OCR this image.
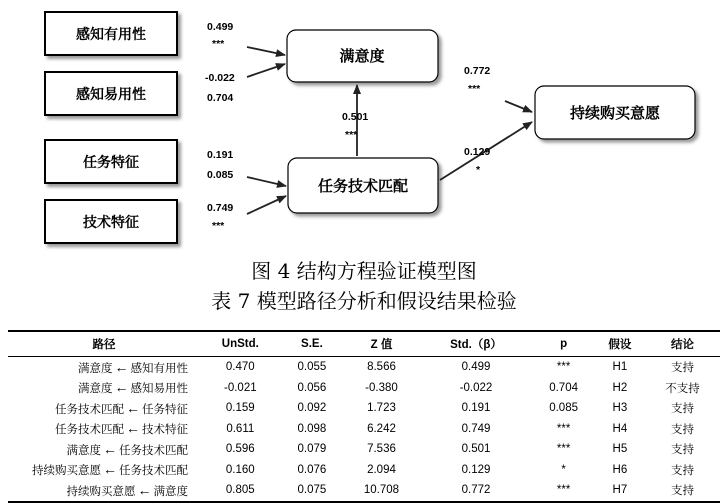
感知有用性
感知易用性
任务特征
技术特征
满意度
任务技术匹配
持续购买意愿
0.499
***
-0.022
0.704
0.191
0.085
0.749
***
0.501
***
0.772
***
0.129
*
图 4 结构方程验证模型图
表 7 模型路径分析和假设结果检验
路径	UnStd.	S.E.	Z 值	Std.（β）	p	假设	结论
满意度 ← 感知有用性	0.470	0.055	8.566	0.499	***	H1	支持
满意度 ← 感知易用性	-0.021	0.056	-0.380	-0.022	0.704	H2	不支持
任务技术匹配 ← 任务特征	0.159	0.092	1.723	0.191	0.085	H3	支持
任务技术匹配 ← 技术特征	0.611	0.098	6.242	0.749	***	H4	支持
满意度 ← 任务技术匹配	0.596	0.079	7.536	0.501	***	H5	支持
持续购买意愿 ← 任务技术匹配	0.160	0.076	2.094	0.129	*	H6	支持
持续购买意愿 ← 满意度	0.805	0.075	10.708	0.772	***	H7	支持
